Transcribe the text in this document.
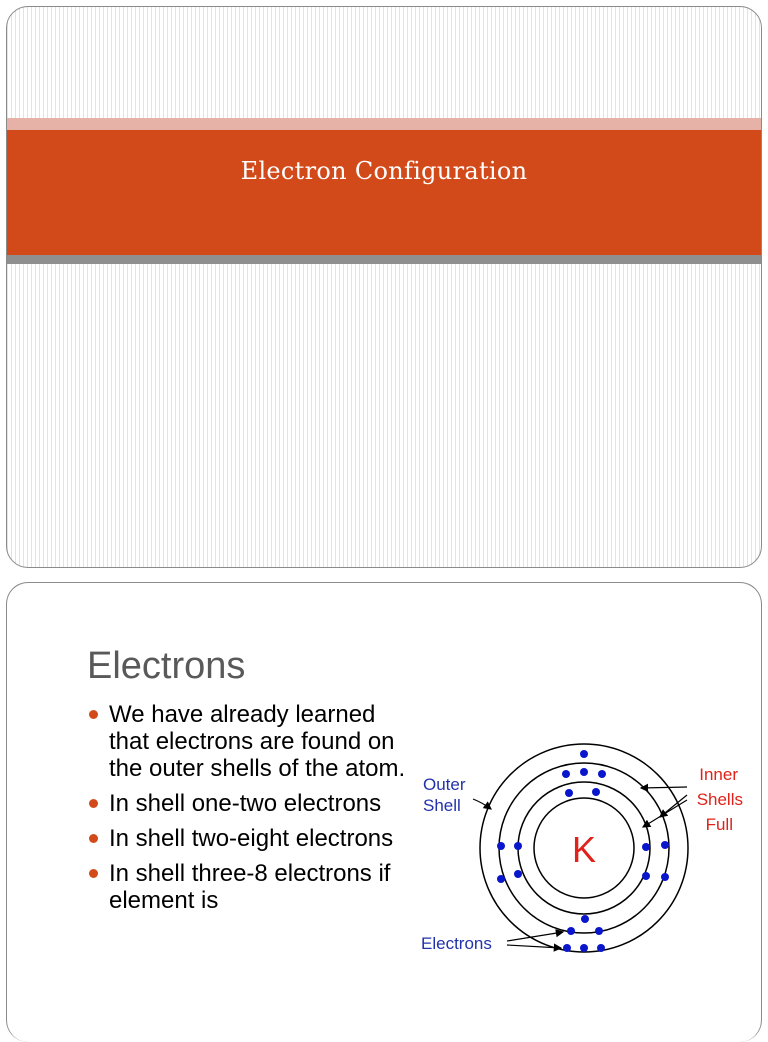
Electron Configuration
Electrons
We have already learned that electrons are found on the outer shells of the atom.
In shell one-two electrons
In shell two-eight electrons
In shell three-8 electrons if element is
K
Outer
Shell
Inner
Shells
Full
Electrons
